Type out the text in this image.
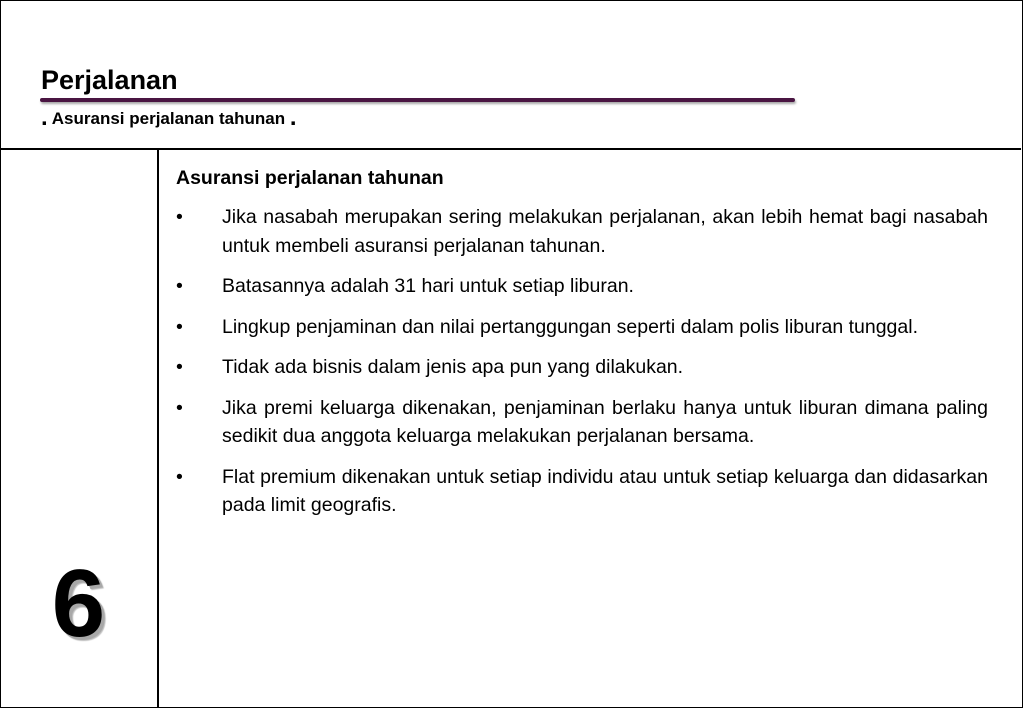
Perjalanan
. Asuransi perjalanan tahunan .
6
Asuransi perjalanan tahunan
• Jika nasabah merupakan sering melakukan perjalanan, akan lebih hemat bagi nasabah untuk membeli asuransi perjalanan tahunan.
• Batasannya adalah 31 hari untuk setiap liburan.
• Lingkup penjaminan dan nilai pertanggungan seperti dalam polis liburan tunggal.
• Tidak ada bisnis dalam jenis apa pun yang dilakukan.
• Jika premi keluarga dikenakan, penjaminan berlaku hanya untuk liburan dimana paling sedikit dua anggota keluarga melakukan perjalanan bersama.
• Flat premium dikenakan untuk setiap individu atau untuk setiap keluarga dan didasarkan pada limit geografis.
